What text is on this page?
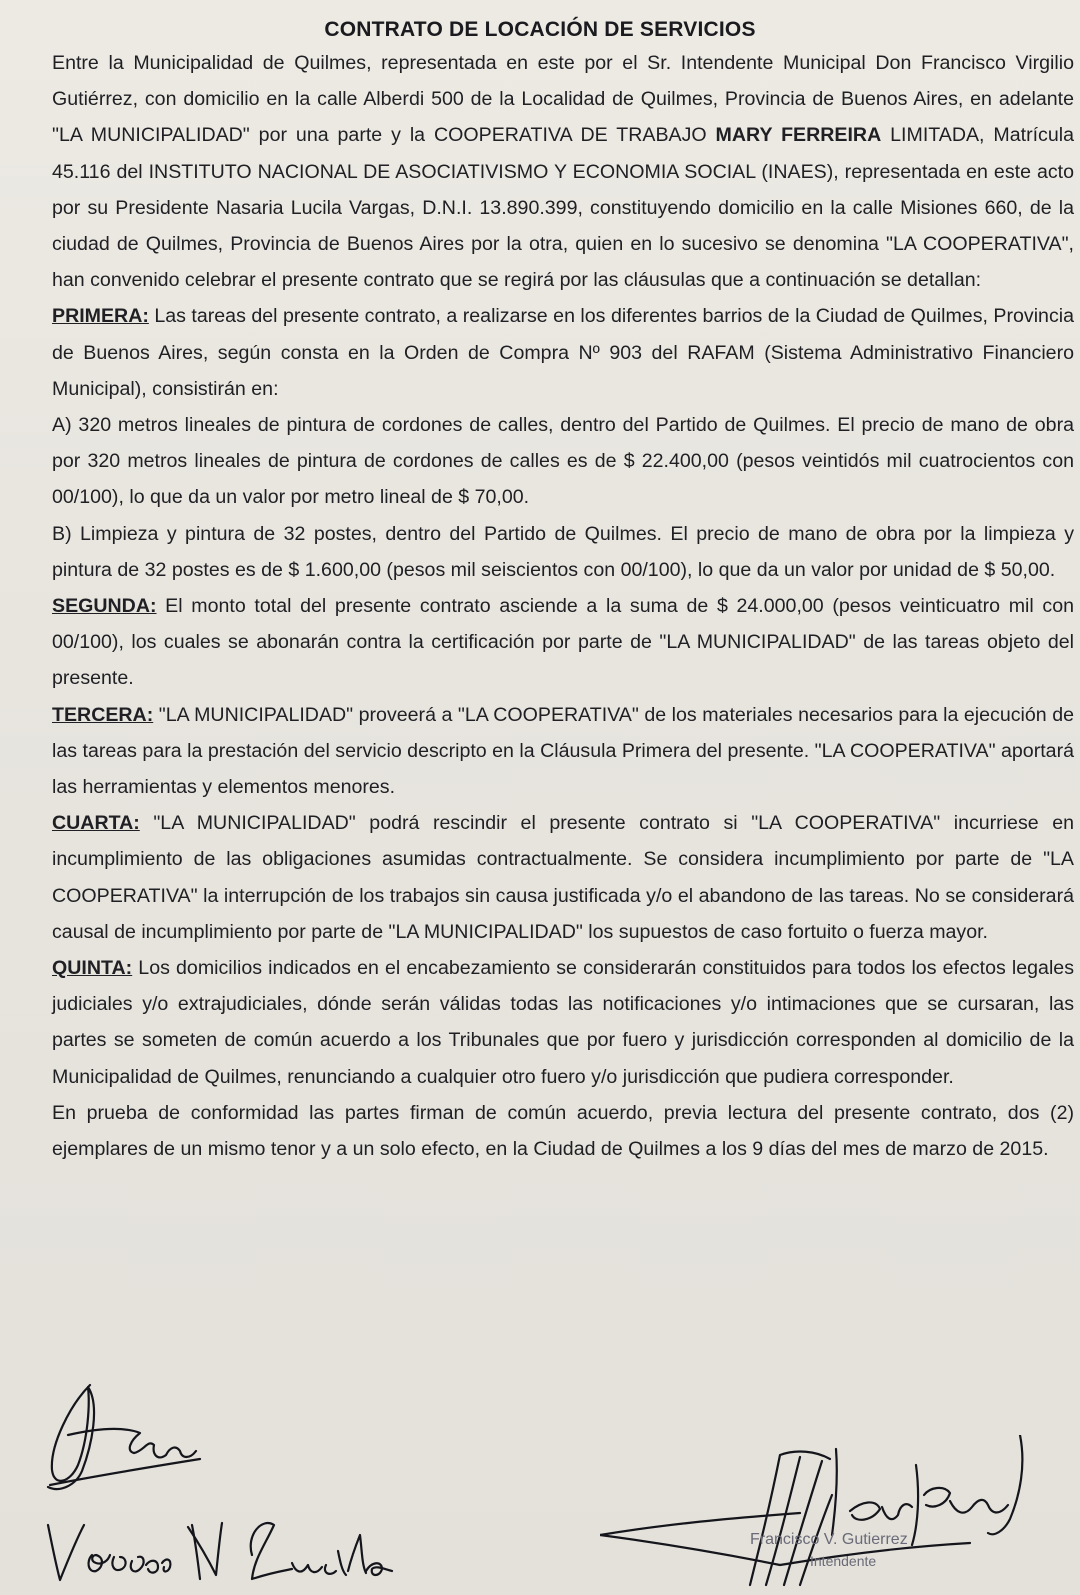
CONTRATO DE LOCACIÓN DE SERVICIOS

Entre la Municipalidad de Quilmes, representada en este por el Sr. Intendente Municipal Don Francisco Virgilio Gutiérrez, con domicilio en la calle Alberdi 500 de la Localidad de Quilmes, Provincia de Buenos Aires, en adelante "LA MUNICIPALIDAD" por una parte y la COOPERATIVA DE TRABAJO MARY FERREIRA LIMITADA, Matrícula 45.116 del INSTITUTO NACIONAL DE ASOCIATIVISMO Y ECONOMIA SOCIAL (INAES), representada en este acto por su Presidente Nasaria Lucila Vargas, D.N.I. 13.890.399, constituyendo domicilio en la calle Misiones 660, de la ciudad de Quilmes, Provincia de Buenos Aires por la otra, quien en lo sucesivo se denomina "LA COOPERATIVA", han convenido celebrar el presente contrato que se regirá por las cláusulas que a continuación se detallan:

PRIMERA: Las tareas del presente contrato, a realizarse en los diferentes barrios de la Ciudad de Quilmes, Provincia de Buenos Aires, según consta en la Orden de Compra Nº 903 del RAFAM (Sistema Administrativo Financiero Municipal), consistirán en:

A) 320 metros lineales de pintura de cordones de calles, dentro del Partido de Quilmes. El precio de mano de obra por 320 metros lineales de pintura de cordones de calles es de $ 22.400,00 (pesos veintidós mil cuatrocientos con 00/100), lo que da un valor por metro lineal de $ 70,00.

B) Limpieza y pintura de 32 postes, dentro del Partido de Quilmes. El precio de mano de obra por la limpieza y pintura de 32 postes es de $ 1.600,00 (pesos mil seiscientos con 00/100), lo que da un valor por unidad de $ 50,00.

SEGUNDA: El monto total del presente contrato asciende a la suma de $ 24.000,00 (pesos veinticuatro mil con 00/100), los cuales se abonarán contra la certificación por parte de "LA MUNICIPALIDAD" de las tareas objeto del presente.

TERCERA: "LA MUNICIPALIDAD" proveerá a "LA COOPERATIVA" de los materiales necesarios para la ejecución de las tareas para la prestación del servicio descripto en la Cláusula Primera del presente. "LA COOPERATIVA" aportará las herramientas y elementos menores.

CUARTA: "LA MUNICIPALIDAD" podrá rescindir el presente contrato si "LA COOPERATIVA" incurriese en incumplimiento de las obligaciones asumidas contractualmente. Se considera incumplimiento por parte de "LA COOPERATIVA" la interrupción de los trabajos sin causa justificada y/o el abandono de las tareas. No se considerará causal de incumplimiento por parte de "LA MUNICIPALIDAD" los supuestos de caso fortuito o fuerza mayor.

QUINTA: Los domicilios indicados en el encabezamiento se considerarán constituidos para todos los efectos legales judiciales y/o extrajudiciales, dónde serán válidas todas las notificaciones y/o intimaciones que se cursaran, las partes se someten de común acuerdo a los Tribunales que por fuero y jurisdicción corresponden al domicilio de la Municipalidad de Quilmes, renunciando a cualquier otro fuero y/o jurisdicción que pudiera corresponder.

En prueba de conformidad las partes firman de común acuerdo, previa lectura del presente contrato, dos (2) ejemplares de un mismo tenor y a un solo efecto, en la Ciudad de Quilmes a los 9 días del mes de marzo de 2015.

Francisco V. Gutierrez
Intendente
